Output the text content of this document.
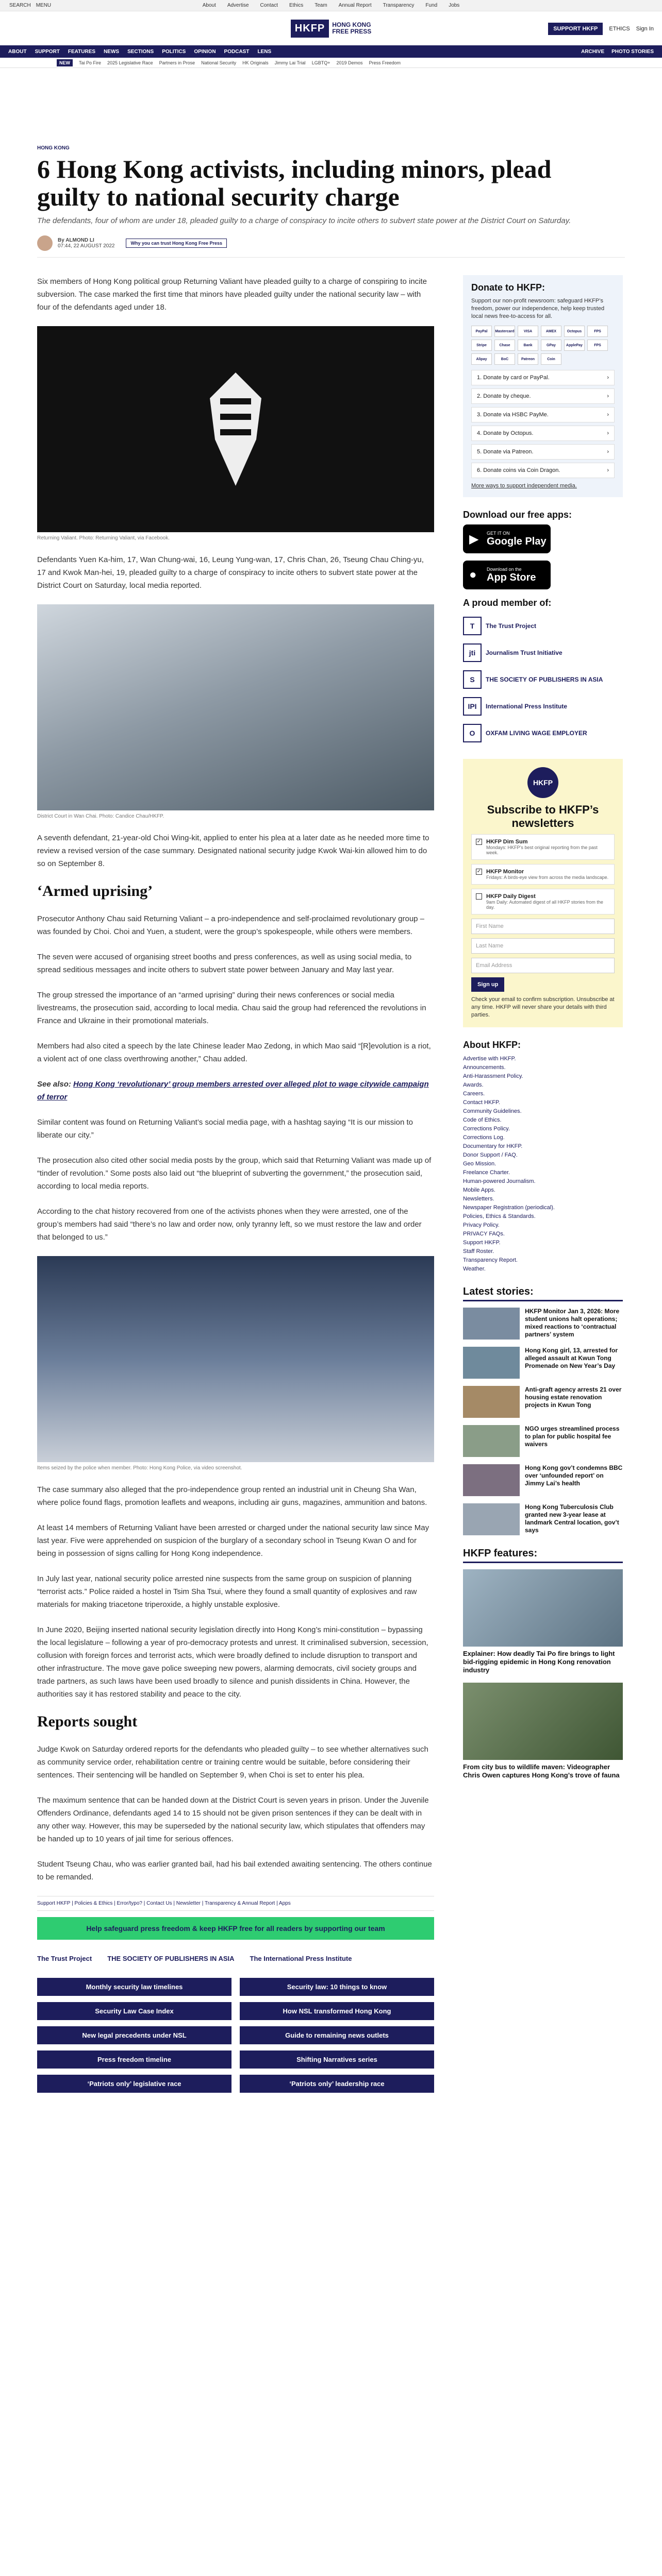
SEARCH MENU	About Advertise Contact Ethics Team Annual Report Transparency Fund Jobs
HKFP	HONG KONG
FREE PRESS	SUPPORT HKFP	ETHICS Sign In
ABOUT SUPPORT FEATURES NEWS SECTIONS POLITICS OPINION PODCAST LENS	ARCHIVE PHOTO STORIES
NEW	Tai Po Fire 2025 Legislative Race Partners in Prose National Security HK Originals Jimmy Lai Trial LGBTQ+ 2019 Demos Press Freedom
HONG KONG
6 Hong Kong activists, including minors, plead guilty to national security charge
The defendants, four of whom are under 18, pleaded guilty to a charge of conspiracy to incite others to subvert state power at the District Court on Saturday.
By ALMOND LI
07:44, 22 AUGUST 2022	Why you can trust Hong Kong Free Press

Six members of Hong Kong political group Returning Valiant have pleaded guilty to a charge of conspiring to incite subversion. The case marked the first time that minors have pleaded guilty under the national security law – with four of the defendants aged under 18.

Returning Valiant. Photo: Returning Valiant, via Facebook.

Defendants Yuen Ka-him, 17, Wan Chung-wai, 16, Leung Yung-wan, 17, Chris Chan, 26, Tseung Chau Ching-yu, 17 and Kwok Man-hei, 19, pleaded guilty to a charge of conspiracy to incite others to subvert state power at the District Court on Saturday, local media reported.

District Court in Wan Chai. Photo: Candice Chau/HKFP.

A seventh defendant, 21-year-old Choi Wing-kit, applied to enter his plea at a later date as he needed more time to review a revised version of the case summary. Designated national security judge Kwok Wai-kin allowed him to do so on September 8.

‘Armed uprising’

Prosecutor Anthony Chau said Returning Valiant – a pro-independence and self-proclaimed revolutionary group – was founded by Choi. Choi and Yuen, a student, were the group’s spokespeople, while others were members.

The seven were accused of organising street booths and press conferences, as well as using social media, to spread seditious messages and incite others to subvert state power between January and May last year.

The group stressed the importance of an “armed uprising” during their news conferences or social media livestreams, the prosecution said, according to local media. Chau said the group had referenced the revolutions in France and Ukraine in their promotional materials.

Members had also cited a speech by the late Chinese leader Mao Zedong, in which Mao said “[R]evolution is a riot, a violent act of one class overthrowing another,” Chau added.

See also: Hong Kong ‘revolutionary’ group members arrested over alleged plot to wage citywide campaign of terror

Similar content was found on Returning Valiant’s social media page, with a hashtag saying “It is our mission to liberate our city.”

The prosecution also cited other social media posts by the group, which said that Returning Valiant was made up of “tinder of revolution.” Some posts also laid out “the blueprint of subverting the government,” the prosecution said, according to local media reports.

According to the chat history recovered from one of the activists phones when they were arrested, one of the group’s members had said “there’s no law and order now, only tyranny left, so we must restore the law and order that belonged to us.”

Items seized by the police when member. Photo: Hong Kong Police, via video screenshot.

The case summary also alleged that the pro-independence group rented an industrial unit in Cheung Sha Wan, where police found flags, promotion leaflets and weapons, including air guns, magazines, ammunition and batons.

At least 14 members of Returning Valiant have been arrested or charged under the national security law since May last year. Five were apprehended on suspicion of the burglary of a secondary school in Tseung Kwan O and for being in possession of signs calling for Hong Kong independence.

In July last year, national security police arrested nine suspects from the same group on suspicion of planning “terrorist acts.” Police raided a hostel in Tsim Sha Tsui, where they found a small quantity of explosives and raw materials for making triacetone triperoxide, a highly unstable explosive.

In June 2020, Beijing inserted national security legislation directly into Hong Kong’s mini-constitution – bypassing the local legislature – following a year of pro-democracy protests and unrest. It criminalised subversion, secession, collusion with foreign forces and terrorist acts, which were broadly defined to include disruption to transport and other infrastructure. The move gave police sweeping new powers, alarming democrats, civil society groups and trade partners, as such laws have been used broadly to silence and punish dissidents in China. However, the authorities say it has restored stability and peace to the city.

Reports sought

Judge Kwok on Saturday ordered reports for the defendants who pleaded guilty – to see whether alternatives such as community service order, rehabilitation centre or training centre would be suitable, before considering their sentences. Their sentencing will be handled on September 9, when Choi is set to enter his plea.

The maximum sentence that can be handed down at the District Court is seven years in prison. Under the Juvenile Offenders Ordinance, defendants aged 14 to 15 should not be given prison sentences if they can be dealt with in any other way. However, this may be superseded by the national security law, which stipulates that offenders may be handed up to 10 years of jail time for serious offences.

Student Tseung Chau, who was earlier granted bail, had his bail extended awaiting sentencing. The others continue to be remanded.

Support HKFP | Policies & Ethics | Error/typo? | Contact Us | Newsletter | Transparency & Annual Report | Apps
Help safeguard press freedom & keep HKFP free for all readers by supporting our team
The Trust Project THE SOCIETY OF PUBLISHERS IN ASIA The International Press Institute
Monthly security law timelines	Security law: 10 things to know
Security Law Case Index	How NSL transformed Hong Kong
New legal precedents under NSL	Guide to remaining news outlets
Press freedom timeline	Shifting Narratives series
‘Patriots only’ legislative race	‘Patriots only’ leadership race
Donate to HKFP:
Support our non-profit newsroom: safeguard HKFP’s freedom, power our independence, help keep trusted local news free-to-access for all.
PayPal	Mastercard	VISA	AMEX	Octopus	FPS
Stripe	Chase	Bank	GPay	ApplePay	FPS
Alipay	BoC	Patreon	Coin
1. Donate by card or PayPal.	›
2. Donate by cheque.	›
3. Donate via HSBC PayMe.	›
4. Donate by Octopus.	›
5. Donate via Patreon.	›
6. Donate coins via Coin Dragon.	›
More ways to support independent media.
Download our free apps:
▶ GET IT ON
Google Play
● Download on the
App Store
A proud member of:
T	The Trust Project
jti	Journalism Trust Initiative
S	THE SOCIETY OF PUBLISHERS IN ASIA
IPI	International Press Institute
O	OXFAM LIVING WAGE EMPLOYER
HKFP
Subscribe to HKFP’s newsletters
✓ HKFP Dim Sum
Mondays: HKFP’s best original reporting from the past week.
✓ HKFP Monitor
Fridays: A birds-eye view from across the media landscape.
HKFP Daily Digest
9am Daily: Automated digest of all HKFP stories from the day.
First Name
Last Name
Email Address
Sign up
Check your email to confirm subscription. Unsubscribe at any time. HKFP will never share your details with third parties.
About HKFP:
Advertise with HKFP.
Announcements.
Anti-Harassment Policy.
Awards.
Careers.
Contact HKFP.
Community Guidelines.
Code of Ethics.
Corrections Policy.
Corrections Log.
Documentary for HKFP.
Donor Support / FAQ.
Geo Mission.
Freelance Charter.
Human-powered Journalism.
Mobile Apps.
Newsletters.
Newspaper Registration (periodical).
Policies, Ethics & Standards.
Privacy Policy.
PRIVACY FAQs.
Support HKFP.
Staff Roster.
Transparency Report.
Weather.
Latest stories:
HKFP Monitor Jan 3, 2026: More student unions halt operations; mixed reactions to ‘contractual partners’ system
Hong Kong girl, 13, arrested for alleged assault at Kwun Tong Promenade on New Year’s Day
Anti-graft agency arrests 21 over housing estate renovation projects in Kwun Tong
NGO urges streamlined process to plan for public hospital fee waivers
Hong Kong gov’t condemns BBC over ‘unfounded report’ on Jimmy Lai’s health
Hong Kong Tuberculosis Club granted new 3-year lease at landmark Central location, gov’t says
HKFP features:
Explainer: How deadly Tai Po fire brings to light bid-rigging epidemic in Hong Kong renovation industry
From city bus to wildlife maven: Videographer Chris Owen captures Hong Kong’s trove of fauna
